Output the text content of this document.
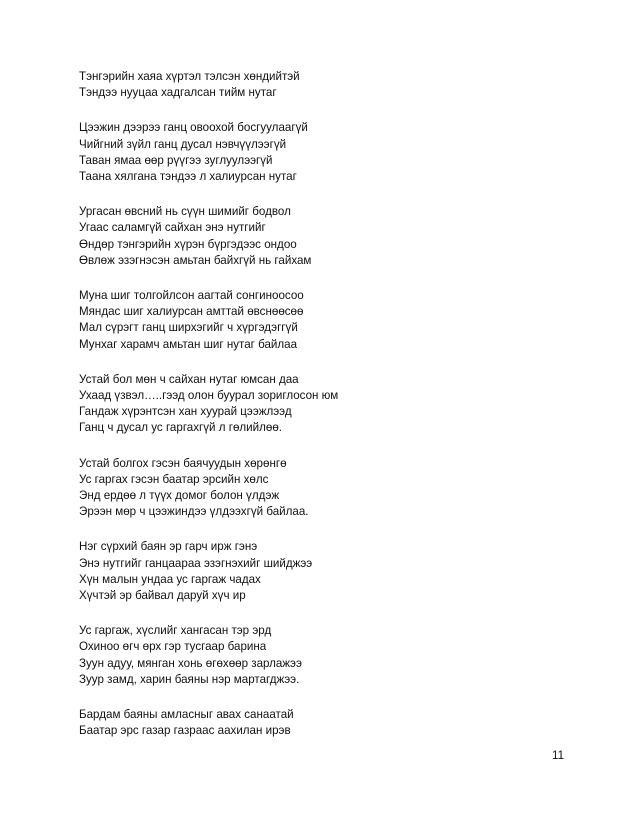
Тэнгэрийн хаяа хүртэл тэлсэн хөндийтэй
Тэндээ нууцаа хадгалсан тийм нутаг
Цээжин дээрээ ганц овоохой босгуулаагүй
Чийгний зүйл ганц дусал нэвчүүлээгүй
Таван ямаа өөр рүүгээ зуглуулээгүй
Таана хялгана тэндээ л халиурсан нутаг
Ургасан өвсний нь сүүн шимийг бодвол
Угаас саламгүй сайхан энэ нутгийг
Өндөр тэнгэрийн хүрэн бүргэдээс ондоо
Өвлөж эзэгнэсэн амьтан байхгүй нь гайхам
Муна шиг толгойлсон аагтай сонгиноосоо
Мяндас шиг халиурсан амттай өвснөөсөө
Мал сүрэгт ганц ширхэгийг ч хүргэдэггүй
Мунхаг харамч амьтан шиг нутаг байлаа
Устай бол мөн ч сайхан нутаг юмсан даа
Ухаад үзвэл…..гээд олон буурал зориглосон юм
Гандаж хүрэнтсэн хан хуурай цээжлээд
Ганц ч дусал ус гаргахгүй л гөлийлөө.
Устай болгох гэсэн баячуудын хөрөнгө
Ус гаргах гэсэн баатар эрсийн хөлс
Энд ердөө л түүх домог болон үлдэж
Эрээн мөр ч цээжиндээ үлдээхгүй байлаа.
Нэг сүрхий баян эр гарч ирж гэнэ
Энэ нутгийг ганцаараа эзэгнэхийг шийджээ
Хүн малын ундаа ус гаргаж чадах
Хүчтэй эр байвал даруй хүч ир
Ус гаргаж, хүслийг хангасан тэр эрд
Охиноо өгч өрх гэр тусгаар барина
Зуун адуу, мянган хонь өгөхөөр зарлажээ
Зуур замд, харин баяны нэр мартагджээ.
Бардам баяны амласныг авах санаатай
Баатар эрс газар газраас аахилан ирэв
11
